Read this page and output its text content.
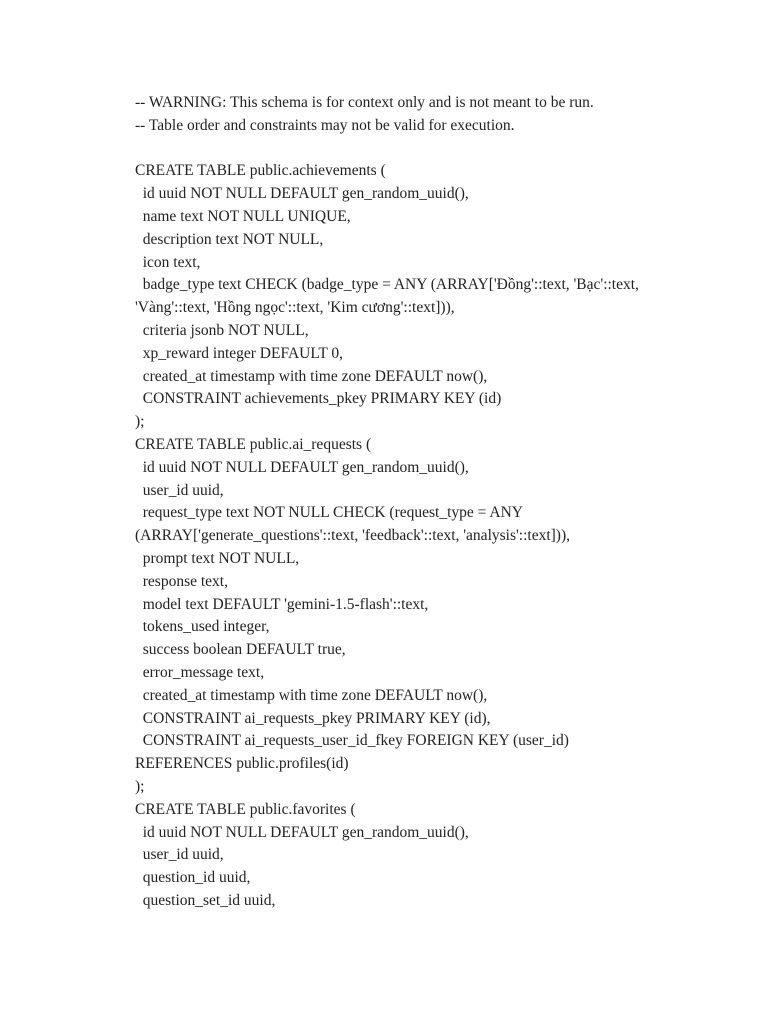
-- WARNING: This schema is for context only and is not meant to be run.
-- Table order and constraints may not be valid for execution.
CREATE TABLE public.achievements (
id uuid NOT NULL DEFAULT gen_random_uuid(),
name text NOT NULL UNIQUE,
description text NOT NULL,
icon text,
badge_type text CHECK (badge_type = ANY (ARRAY['Đồng'::text, 'Bạc'::text,
'Vàng'::text, 'Hồng ngọc'::text, 'Kim cương'::text])),
criteria jsonb NOT NULL,
xp_reward integer DEFAULT 0,
created_at timestamp with time zone DEFAULT now(),
CONSTRAINT achievements_pkey PRIMARY KEY (id)
);
CREATE TABLE public.ai_requests (
id uuid NOT NULL DEFAULT gen_random_uuid(),
user_id uuid,
request_type text NOT NULL CHECK (request_type = ANY
(ARRAY['generate_questions'::text, 'feedback'::text, 'analysis'::text])),
prompt text NOT NULL,
response text,
model text DEFAULT 'gemini-1.5-flash'::text,
tokens_used integer,
success boolean DEFAULT true,
error_message text,
created_at timestamp with time zone DEFAULT now(),
CONSTRAINT ai_requests_pkey PRIMARY KEY (id),
CONSTRAINT ai_requests_user_id_fkey FOREIGN KEY (user_id)
REFERENCES public.profiles(id)
);
CREATE TABLE public.favorites (
id uuid NOT NULL DEFAULT gen_random_uuid(),
user_id uuid,
question_id uuid,
question_set_id uuid,
